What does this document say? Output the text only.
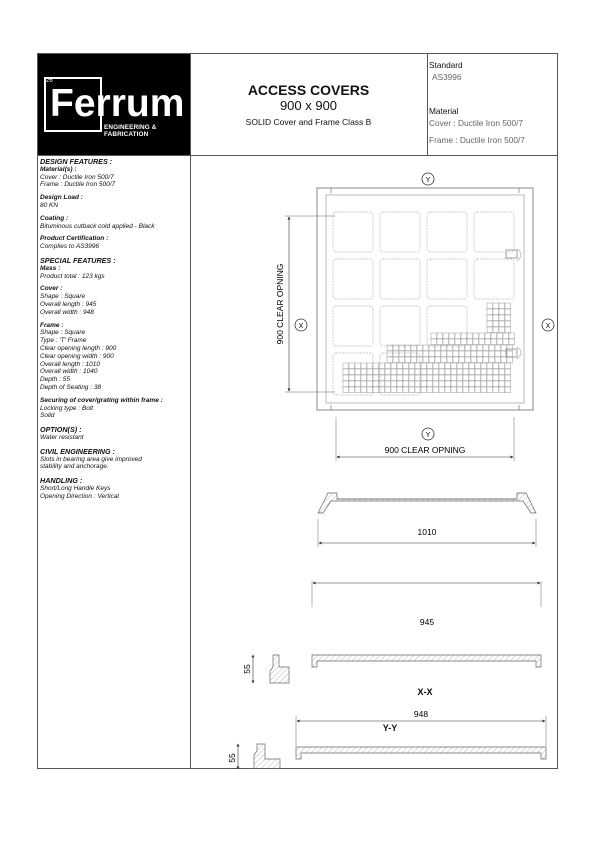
26
Ferrum
ENGINEERING & FABRICATION
ACCESS COVERS
900 x 900
SOLID Cover and Frame Class B
Standard
AS3996
Material
Cover : Ductile Iron 500/7
Frame : Ductile Iron 500/7
DESIGN FEATURES :
Material(s) :
Cover : Ductile Iron 500/7
Frame : Ductile Iron 500/7
Design Load :
80 KN
Coating :
Bituminous cutback cold applied - Black
Product Certification :
Complies to AS3996
SPECIAL FEATURES :
Mass :
Product total : 123 kgs
Cover :
Shape : Square
Overall length : 945
Overall width : 948
Frame :
Shape : Square
Type : 'T' Frame
Clear opening length : 900
Clear opening width : 900
Overall length : 1010
Overall width : 1040
Depth : 55
Depth of Seating : 38
Securing of cover/grating within frame :
Locking type : Bolt
Solid
OPTION(S) :
Water resistant
CIVIL ENGINEERING :
Slots in bearing area give improved
stability and anchorage.
HANDLING :
Short/Long Handle Keys
Opening Direction : Vertical
Y
Y
X	X
900 CLEAR OPNING
900 CLEAR OPNING
1010
945
55
X-X
948
55
Y-Y
